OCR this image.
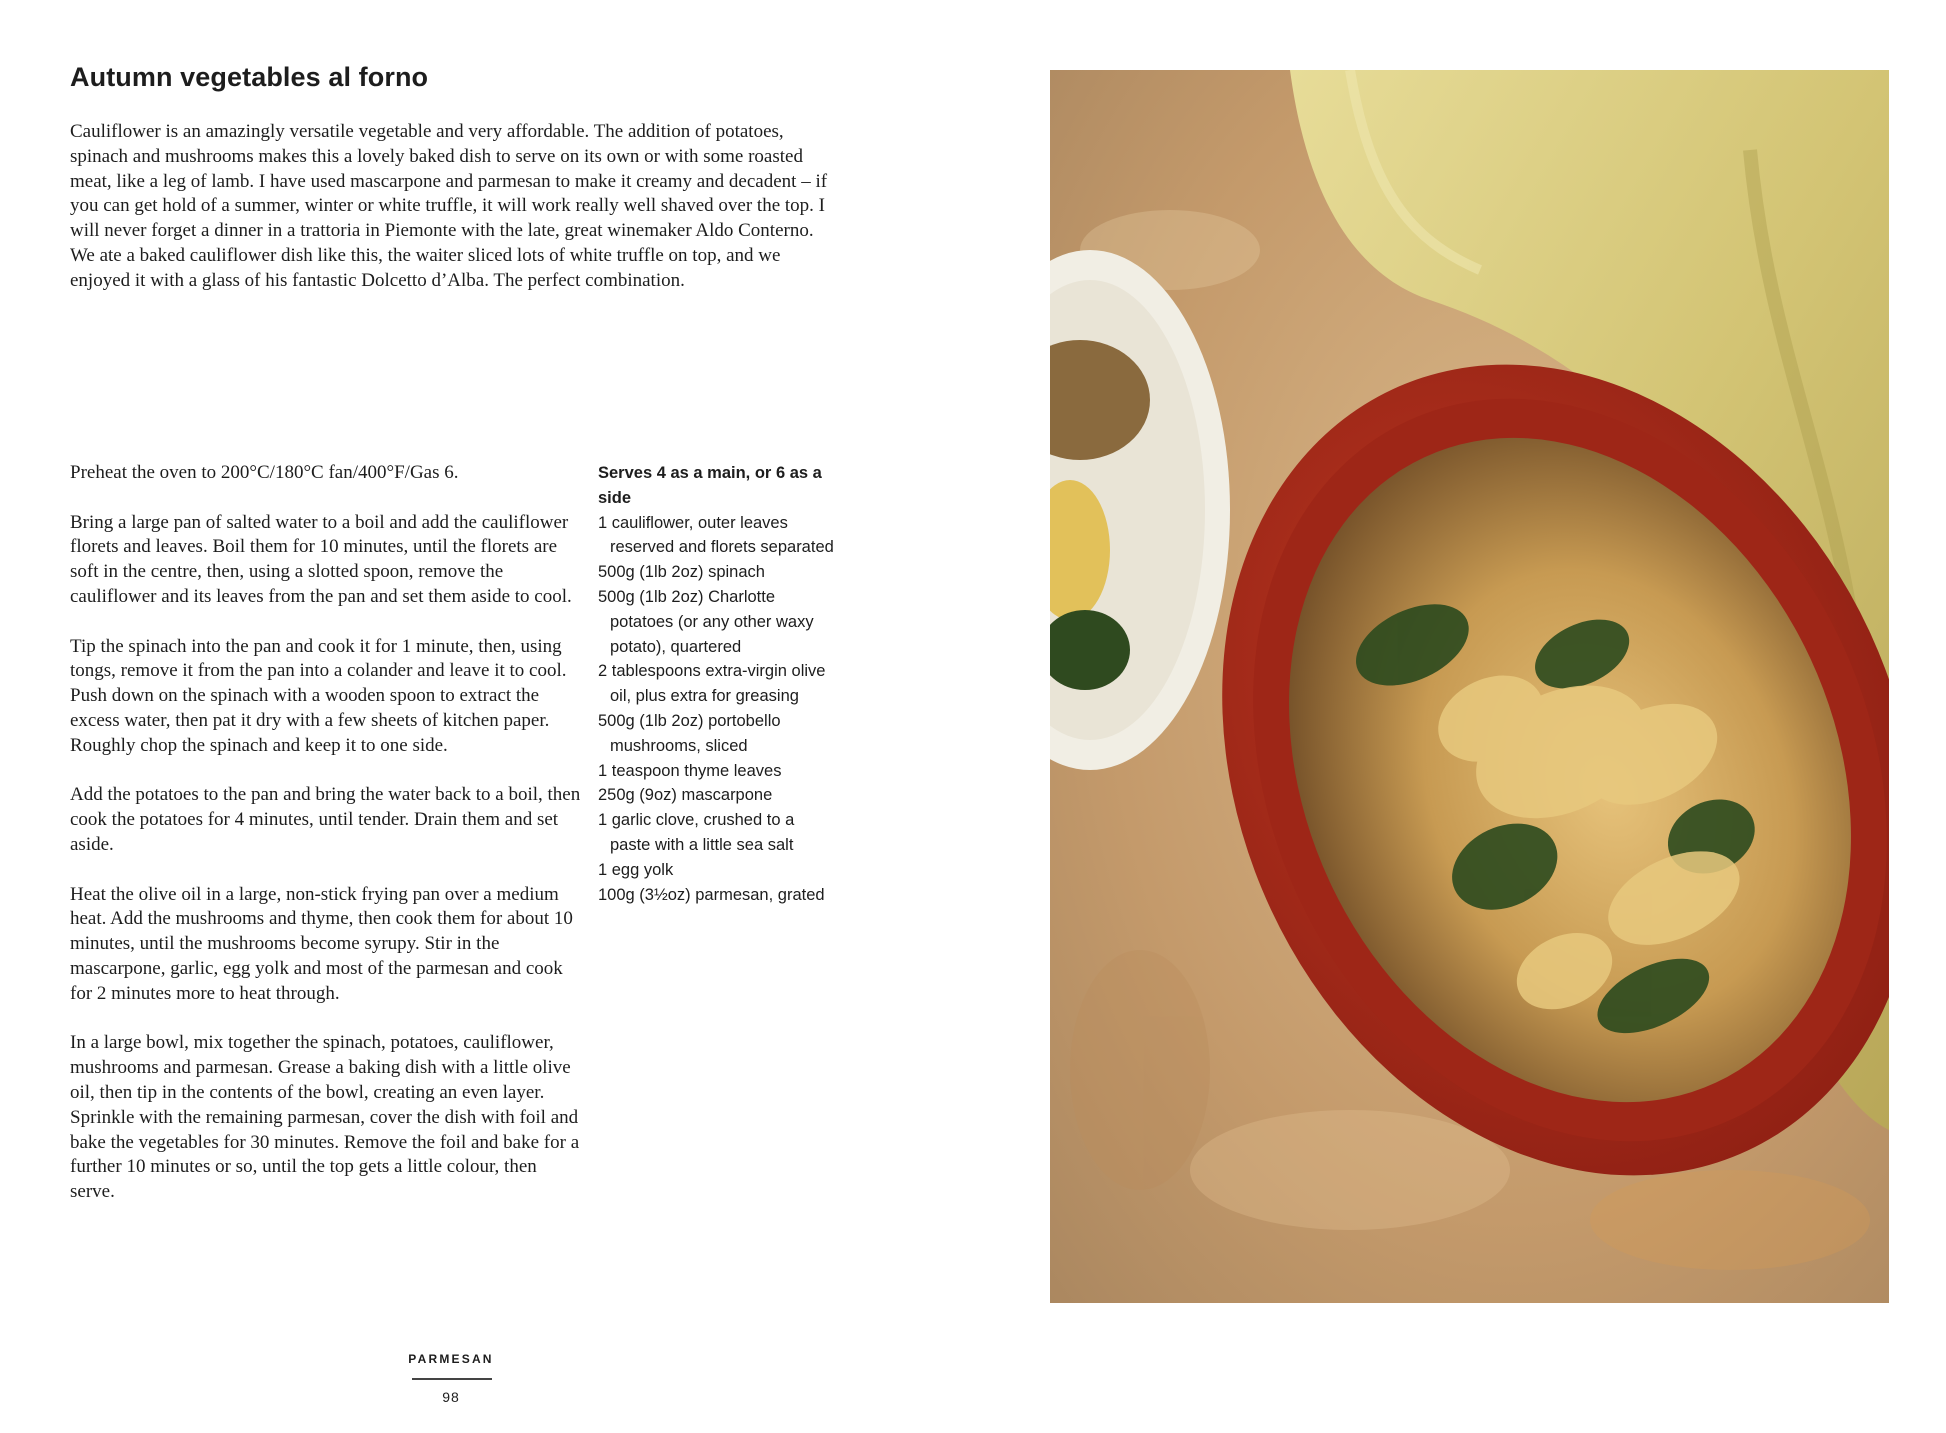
Autumn vegetables al forno

Cauliflower is an amazingly versatile vegetable and very affordable. The addition of potatoes, spinach and mushrooms makes this a lovely baked dish to serve on its own or with some roasted meat, like a leg of lamb. I have used mascarpone and parmesan to make it creamy and decadent – if you can get hold of a summer, winter or white truffle, it will work really well shaved over the top. I will never forget a dinner in a trattoria in Piemonte with the late, great winemaker Aldo Conterno. We ate a baked cauliflower dish like this, the waiter sliced lots of white truffle on top, and we enjoyed it with a glass of his fantastic Dolcetto d’Alba. The perfect combination.

Preheat the oven to 200°C/180°C fan/400°F/Gas 6.

Bring a large pan of salted water to a boil and add the cauliflower florets and leaves. Boil them for 10 minutes, until the florets are soft in the centre, then, using a slotted spoon, remove the cauliflower and its leaves from the pan and set them aside to cool.

Tip the spinach into the pan and cook it for 1 minute, then, using tongs, remove it from the pan into a colander and leave it to cool. Push down on the spinach with a wooden spoon to extract the excess water, then pat it dry with a few sheets of kitchen paper. Roughly chop the spinach and keep it to one side.

Add the potatoes to the pan and bring the water back to a boil, then cook the potatoes for 4 minutes, until tender. Drain them and set aside.

Heat the olive oil in a large, non-stick frying pan over a medium heat. Add the mushrooms and thyme, then cook them for about 10 minutes, until the mushrooms become syrupy. Stir in the mascarpone, garlic, egg yolk and most of the parmesan and cook for 2 minutes more to heat through.

In a large bowl, mix together the spinach, potatoes, cauliflower, mushrooms and parmesan. Grease a baking dish with a little olive oil, then tip in the contents of the bowl, creating an even layer. Sprinkle with the remaining parmesan, cover the dish with foil and bake the vegetables for 30 minutes. Remove the foil and bake for a further 10 minutes or so, until the top gets a little colour, then serve.

Serves 4 as a main, or 6 as a side

1 cauliflower, outer leaves reserved and florets separated
500g (1lb 2oz) spinach
500g (1lb 2oz) Charlotte potatoes (or any other waxy potato), quartered
2 tablespoons extra-virgin olive oil, plus extra for greasing
500g (1lb 2oz) portobello mushrooms, sliced
1 teaspoon thyme leaves
250g (9oz) mascarpone
1 garlic clove, crushed to a paste with a little sea salt
1 egg yolk
100g (3½oz) parmesan, grated
PARMESAN
98
